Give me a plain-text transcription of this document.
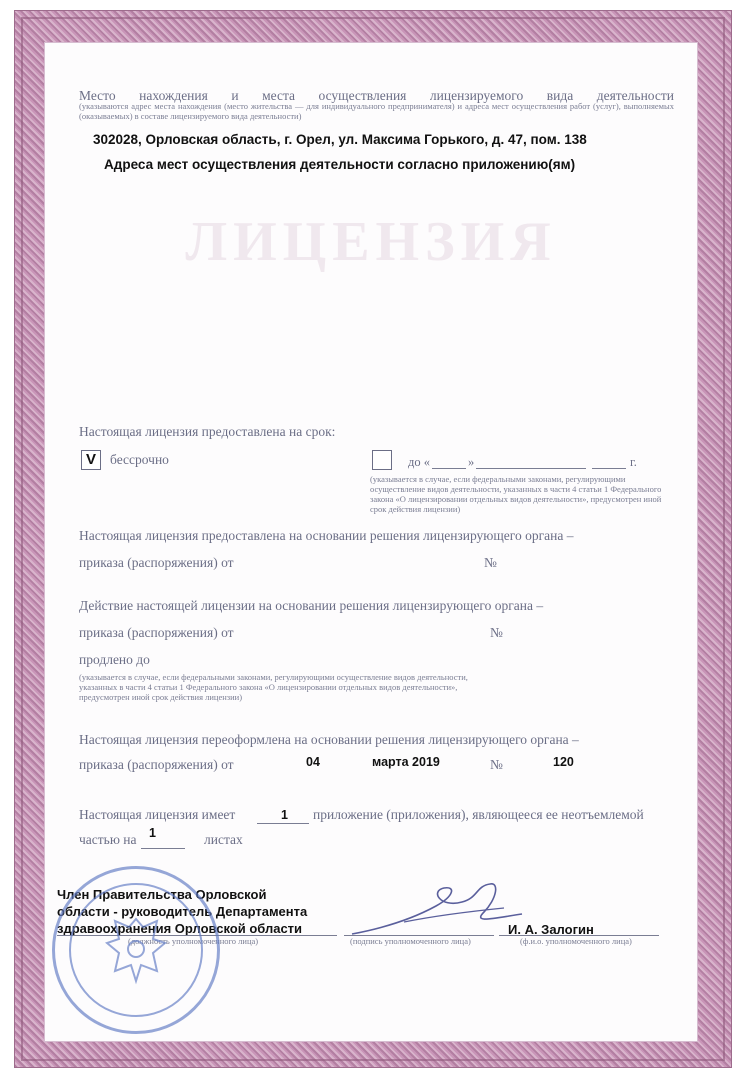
ЛИЦЕНЗИЯ
Место нахождения и места осуществления лицензируемого вида деятельности
(указываются адрес места нахождения (место жительства — для индивидуального предпринимателя) и адреса мест осуществления работ (услуг), выполняемых (оказываемых) в составе лицензируемого вида деятельности)
302028, Орловская область, г. Орел, ул. Максима Горького, д. 47, пом. 138
Адреса мест осуществления деятельности согласно приложению(ям)
Настоящая лицензия предоставлена на срок:
V	бессрочно	до «	»	г.
(указывается в случае, если федеральными законами, регулирующими осуществление видов деятельности, указанных в части 4 статьи 1 Федерального закона «О лицензировании отдельных видов деятельности», предусмотрен иной срок действия лицензии)
Настоящая лицензия предоставлена на основании решения лицензирующего органа –
приказа (распоряжения) от	№
Действие настоящей лицензии на основании решения лицензирующего органа –
приказа (распоряжения) от	№
продлено до
(указывается в случае, если федеральными законами, регулирующими осуществление видов деятельности, указанных в части 4 статьи 1 Федерального закона «О лицензировании отдельных видов деятельности», предусмотрен иной срок действия лицензии)
Настоящая лицензия переоформлена на основании решения лицензирующего органа –
приказа (распоряжения) от	04	марта 2019	№	120
Настоящая лицензия имеет	1 приложение (приложения), являющееся ее неотъемлемой
частью на 1	листах
Член Правительства Орловской
области - руководитель Департамента
здравоохранения Орловской области
(должность уполномоченного лица)	(подпись уполномоченного лица)
И. А. Залогин
(ф.и.о. уполномоченного лица)
